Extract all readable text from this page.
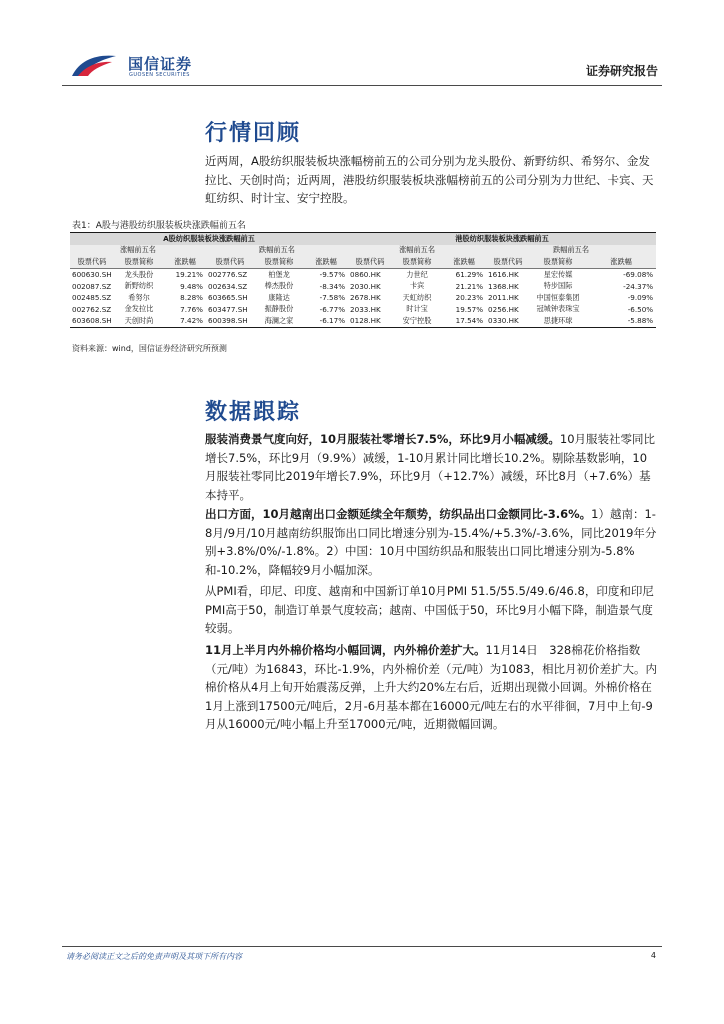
国信证券
GUOSEN SECURITIES	证券研究报告
行情回顾

近两周，A股纺织服装板块涨幅榜前五的公司分别为龙头股份、新野纺织、希努尔、金发拉比、天创时尚；近两周，港股纺织服装板块涨幅榜前五的公司分别为力世纪、卡宾、天虹纺织、时计宝、安宁控股。

表1：A股与港股纺织服装板块涨跌幅前五名
A股纺织服装板块涨跌幅前五						港股纺织服装板块涨跌幅前五					
涨幅前五名			跌幅前五名			涨幅前五名			跌幅前五名		
股票代码	股票简称	涨跌幅	股票代码	股票简称	涨跌幅	股票代码	股票简称	涨跌幅	股票代码	股票简称	涨跌幅
600630.SH	龙头股份	19.21%	002776.SZ	柏堡龙	-9.57%	0860.HK	力世纪	61.29%	1616.HK	星宏传媒	-69.08%
002087.SZ	新野纺织	9.48%	002634.SZ	棒杰股份	-8.34%	2030.HK	卡宾	21.21%	1368.HK	特步国际	-24.37%
002485.SZ	希努尔	8.28%	603665.SH	康隆达	-7.58%	2678.HK	天虹纺织	20.23%	2011.HK	中国恒泰集团	-9.09%
002762.SZ	金发拉比	7.76%	603477.SH	振静股份	-6.77%	2033.HK	时计宝	19.57%	0256.HK	冠城钟表珠宝	-6.50%
603608.SH	天创时尚	7.42%	600398.SH	海澜之家	-6.17%	0128.HK	安宁控股	17.54%	0330.HK	思捷环球	-5.88%
资料来源：wind，国信证券经济研究所预测
数据跟踪

服装消费景气度向好，10月服装社零增长7.5%，环比9月小幅减缓。10月服装社零同比增长7.5%，环比9月（9.9%）减缓，1-10月累计同比增长10.2%。剔除基数影响，10月服装社零同比2019年增长7.9%，环比9月（+12.7%）减缓，环比8月（+7.6%）基本持平。

出口方面，10月越南出口金额延续全年颓势，纺织品出口金额同比-3.6%。1）越南：1-8月/9月/10月越南纺织服饰出口同比增速分别为-15.4%/+5.3%/-3.6%，同比2019年分别+3.8%/0%/-1.8%。2）中国：10月中国纺织品和服装出口同比增速分别为-5.8%和-10.2%，降幅较9月小幅加深。

从PMI看，印尼、印度、越南和中国新订单10月PMI 51.5/55.5/49.6/46.8，印度和印尼PMI高于50，制造订单景气度较高；越南、中国低于50，环比9月小幅下降，制造景气度较弱。

11月上半月内外棉价格均小幅回调，内外棉价差扩大。11月14日　328棉花价格指数（元/吨）为16843，环比-1.9%，内外棉价差（元/吨）为1083，相比月初价差扩大。内棉价格从4月上旬开始震荡反弹，上升大约20%左右后，近期出现微小回调。外棉价格在1月上涨到17500元/吨后，2月-6月基本都在16000元/吨左右的水平徘徊，7月中上旬-9月从16000元/吨小幅上升至17000元/吨，近期微幅回调。

请务必阅读正文之后的免责声明及其项下所有内容	4
